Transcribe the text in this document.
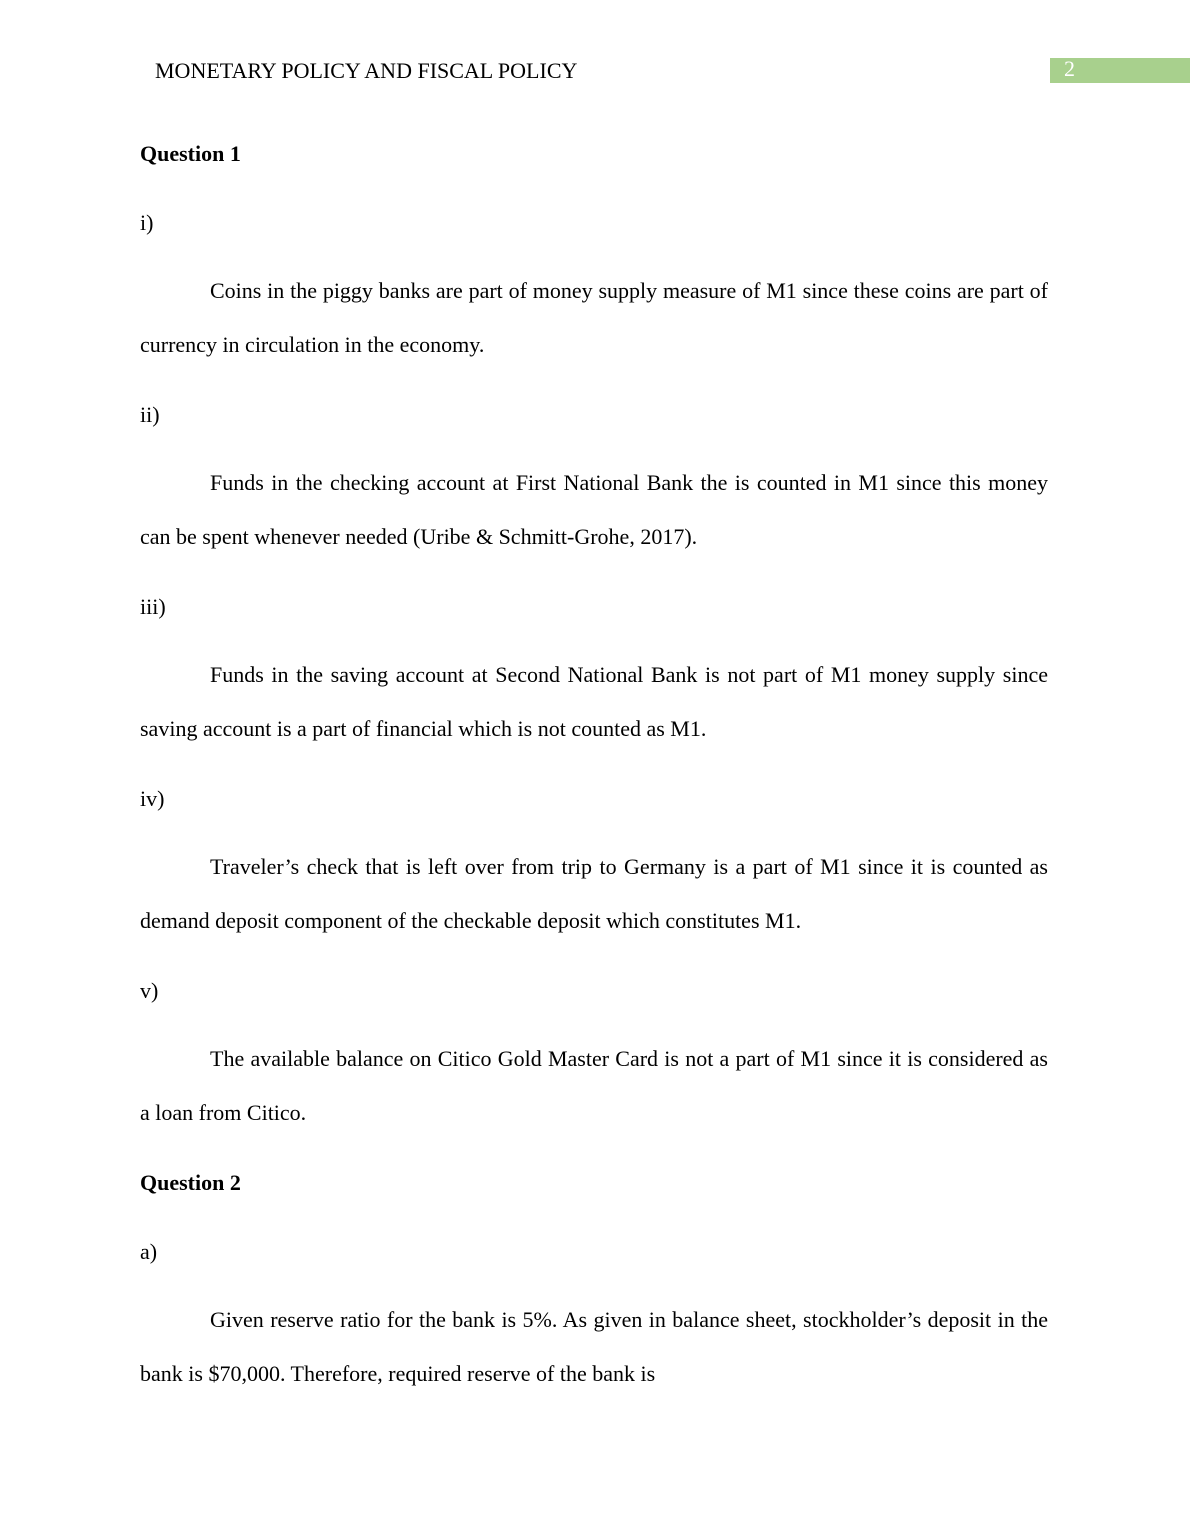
MONETARY POLICY AND FISCAL POLICY	2
Question 1
i)

Coins in the piggy banks are part of money supply measure of M1 since these coins are part of currency in circulation in the economy.

ii)

Funds in the checking account at First National Bank the is counted in M1 since this money can be spent whenever needed (Uribe & Schmitt-Grohe, 2017).

iii)

Funds in the saving account at Second National Bank is not part of M1 money supply since saving account is a part of financial which is not counted as M1.

iv)

Traveler’s check that is left over from trip to Germany is a part of M1 since it is counted as demand deposit component of the checkable deposit which constitutes M1.

v)

The available balance on Citico Gold Master Card is not a part of M1 since it is considered as a loan from Citico.

Question 2
a)

Given reserve ratio for the bank is 5%. As given in balance sheet, stockholder’s deposit in the bank is $70,000. Therefore, required reserve of the bank is
